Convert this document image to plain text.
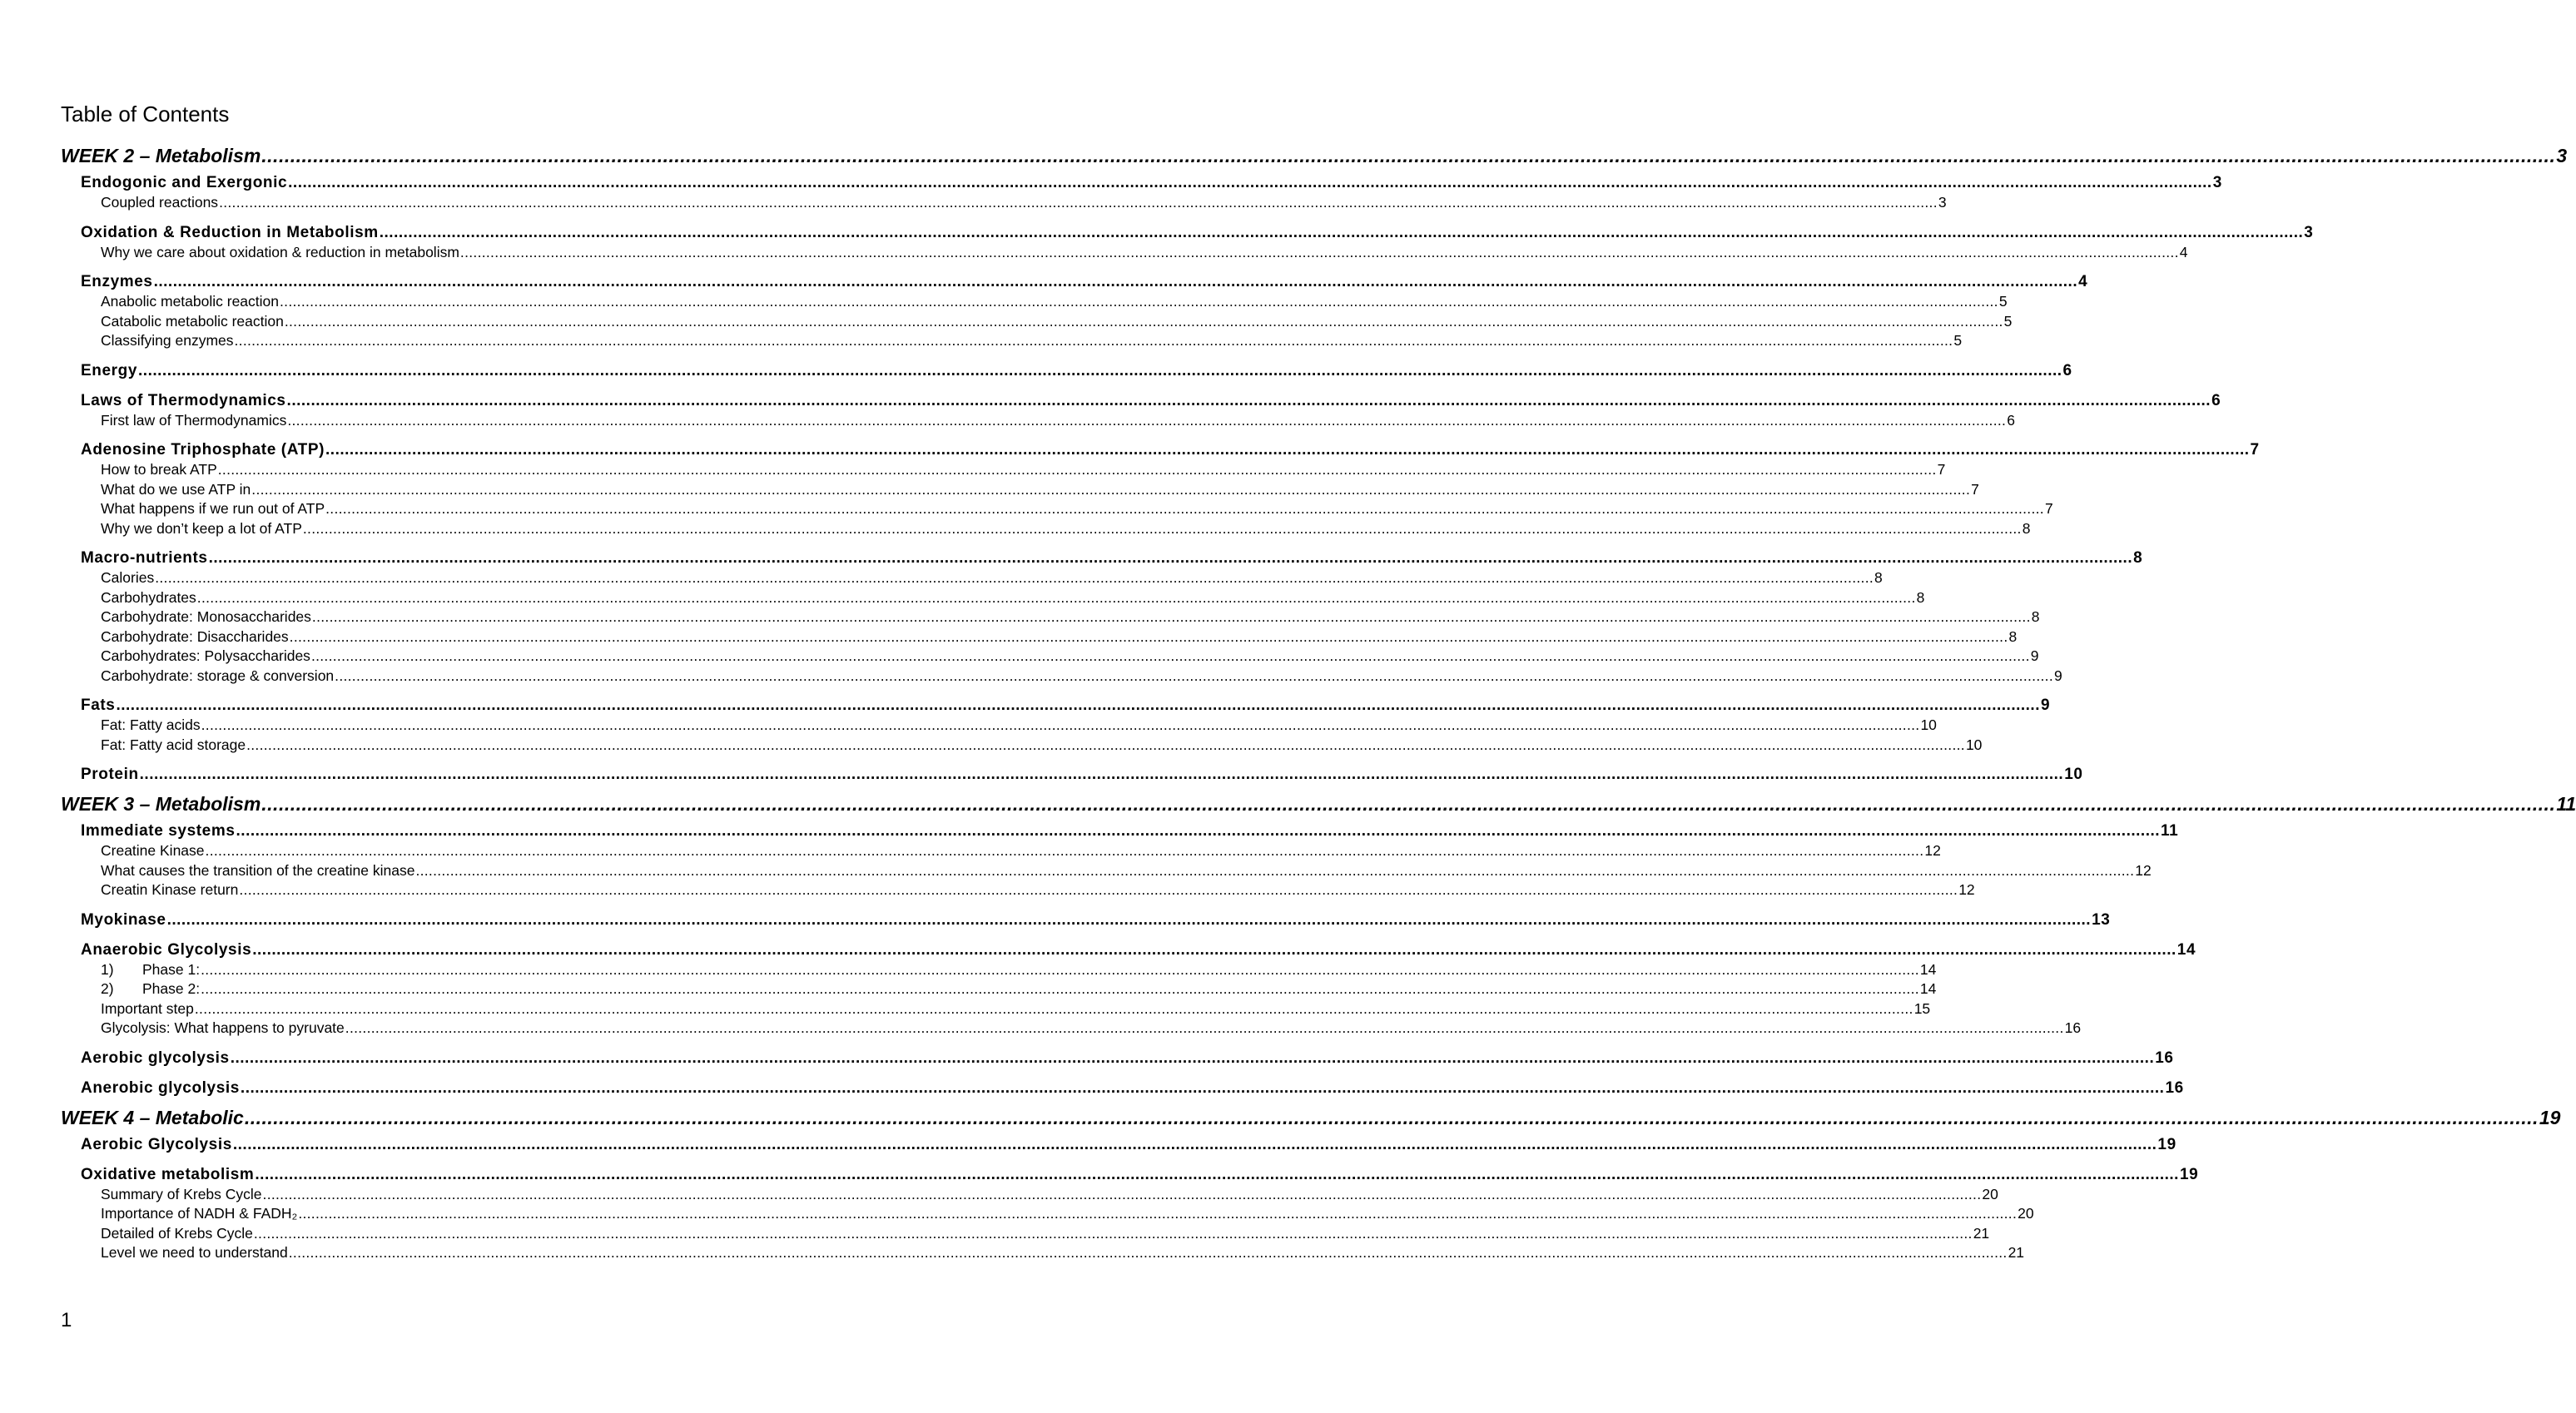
Table of Contents
WEEK 2 – Metabolism ................................................................................................................................................................................................................................................................................................................................................................................................................ 3
Endogonic and Exergonic ................................................................................................................................................................................................................................................................................................................................................................................................................ 3
Coupled reactions ................................................................................................................................................................................................................................................................................................................................................................................................................ 3
Oxidation & Reduction in Metabolism ................................................................................................................................................................................................................................................................................................................................................................................................................ 3
Why we care about oxidation & reduction in metabolism ................................................................................................................................................................................................................................................................................................................................................................................................................ 4
Enzymes ................................................................................................................................................................................................................................................................................................................................................................................................................ 4
Anabolic metabolic reaction ................................................................................................................................................................................................................................................................................................................................................................................................................ 5
Catabolic metabolic reaction ................................................................................................................................................................................................................................................................................................................................................................................................................ 5
Classifying enzymes ................................................................................................................................................................................................................................................................................................................................................................................................................ 5
Energy ................................................................................................................................................................................................................................................................................................................................................................................................................ 6
Laws of Thermodynamics ................................................................................................................................................................................................................................................................................................................................................................................................................ 6
First law of Thermodynamics ................................................................................................................................................................................................................................................................................................................................................................................................................ 6
Adenosine Triphosphate (ATP) ................................................................................................................................................................................................................................................................................................................................................................................................................ 7
How to break ATP ................................................................................................................................................................................................................................................................................................................................................................................................................ 7
What do we use ATP in ................................................................................................................................................................................................................................................................................................................................................................................................................ 7
What happens if we run out of ATP ................................................................................................................................................................................................................................................................................................................................................................................................................ 7
Why we don’t keep a lot of ATP ................................................................................................................................................................................................................................................................................................................................................................................................................ 8
Macro-nutrients ................................................................................................................................................................................................................................................................................................................................................................................................................ 8
Calories ................................................................................................................................................................................................................................................................................................................................................................................................................ 8
Carbohydrates ................................................................................................................................................................................................................................................................................................................................................................................................................ 8
Carbohydrate: Monosaccharides ................................................................................................................................................................................................................................................................................................................................................................................................................ 8
Carbohydrate: Disaccharides ................................................................................................................................................................................................................................................................................................................................................................................................................ 8
Carbohydrates: Polysaccharides ................................................................................................................................................................................................................................................................................................................................................................................................................ 9
Carbohydrate: storage & conversion ................................................................................................................................................................................................................................................................................................................................................................................................................ 9
Fats ................................................................................................................................................................................................................................................................................................................................................................................................................ 9
Fat: Fatty acids ................................................................................................................................................................................................................................................................................................................................................................................................................ 10
Fat: Fatty acid storage ................................................................................................................................................................................................................................................................................................................................................................................................................ 10
Protein ................................................................................................................................................................................................................................................................................................................................................................................................................ 10
WEEK 3 – Metabolism ................................................................................................................................................................................................................................................................................................................................................................................................................ 11
Immediate systems ................................................................................................................................................................................................................................................................................................................................................................................................................ 11
Creatine Kinase ................................................................................................................................................................................................................................................................................................................................................................................................................ 12
What causes the transition of the creatine kinase ................................................................................................................................................................................................................................................................................................................................................................................................................ 12
Creatin Kinase return ................................................................................................................................................................................................................................................................................................................................................................................................................ 12
Myokinase ................................................................................................................................................................................................................................................................................................................................................................................................................ 13
Anaerobic Glycolysis ................................................................................................................................................................................................................................................................................................................................................................................................................ 14
1) Phase 1: ................................................................................................................................................................................................................................................................................................................................................................................................................ 14
2) Phase 2: ................................................................................................................................................................................................................................................................................................................................................................................................................ 14
Important step ................................................................................................................................................................................................................................................................................................................................................................................................................ 15
Glycolysis: What happens to pyruvate ................................................................................................................................................................................................................................................................................................................................................................................................................ 16
Aerobic glycolysis ................................................................................................................................................................................................................................................................................................................................................................................................................ 16
Anerobic glycolysis ................................................................................................................................................................................................................................................................................................................................................................................................................ 16
WEEK 4 – Metabolic ................................................................................................................................................................................................................................................................................................................................................................................................................ 19
Aerobic Glycolysis ................................................................................................................................................................................................................................................................................................................................................................................................................ 19
Oxidative metabolism ................................................................................................................................................................................................................................................................................................................................................................................................................ 19
Summary of Krebs Cycle ................................................................................................................................................................................................................................................................................................................................................................................................................ 20
Importance of NADH & FADH₂ ................................................................................................................................................................................................................................................................................................................................................................................................................ 20
Detailed of Krebs Cycle ................................................................................................................................................................................................................................................................................................................................................................................................................ 21
Level we need to understand ................................................................................................................................................................................................................................................................................................................................................................................................................ 21
1
